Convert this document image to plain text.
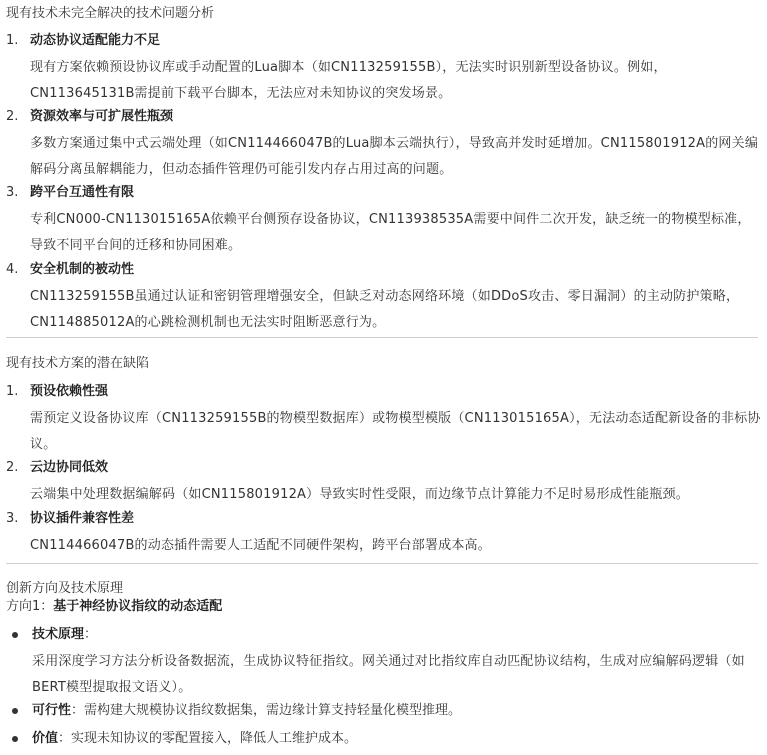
现有技术未完全解决的技术问题分析
1. 动态协议适配能力不足
现有方案依赖预设协议库或手动配置的Lua脚本（如CN113259155B），无法实时识别新型设备协议。例如，CN113645131B需提前下载平台脚本，无法应对未知协议的突发场景。
2. 资源效率与可扩展性瓶颈
多数方案通过集中式云端处理（如CN114466047B的Lua脚本云端执行），导致高并发时延增加。CN115801912A的网关编解码分离虽解耦能力，但动态插件管理仍可能引发内存占用过高的问题。
3. 跨平台互通性有限
专利CN000-CN113015165A依赖平台侧预存设备协议，CN113938535A需要中间件二次开发，缺乏统一的物模型标准，导致不同平台间的迁移和协同困难。
4. 安全机制的被动性
CN113259155B虽通过认证和密钥管理增强安全，但缺乏对动态网络环境（如DDoS攻击、零日漏洞）的主动防护策略，CN114885012A的心跳检测机制也无法实时阻断恶意行为。
现有技术方案的潜在缺陷
1. 预设依赖性强
需预定义设备协议库（CN113259155B的物模型数据库）或物模型模版（CN113015165A），无法动态适配新设备的非标协议。
2. 云边协同低效
云端集中处理数据编解码（如CN115801912A）导致实时性受限，而边缘节点计算能力不足时易形成性能瓶颈。
3. 协议插件兼容性差
CN114466047B的动态插件需要人工适配不同硬件架构，跨平台部署成本高。
创新方向及技术原理
方向1：基于神经协议指纹的动态适配
技术原理：
采用深度学习方法分析设备数据流，生成协议特征指纹。网关通过对比指纹库自动匹配协议结构，生成对应编解码逻辑（如BERT模型提取报文语义）。
可行性：需构建大规模协议指纹数据集，需边缘计算支持轻量化模型推理。
价值：实现未知协议的零配置接入，降低人工维护成本。
